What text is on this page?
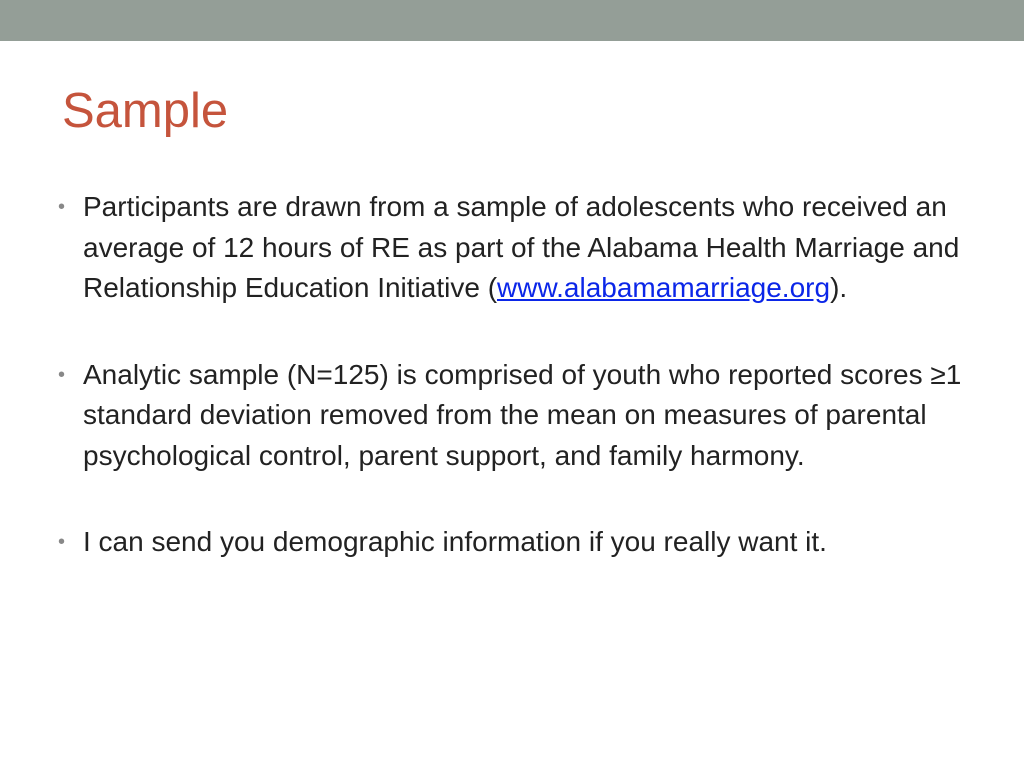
Sample
• Participants are drawn from a sample of adolescents who received an average of 12 hours of RE as part of the Alabama Health Marriage and Relationship Education Initiative (www.alabamamarriage.org).
• Analytic sample (N=125) is comprised of youth who reported scores ≥1 standard deviation removed from the mean on measures of parental psychological control, parent support, and family harmony.
• I can send you demographic information if you really want it.
